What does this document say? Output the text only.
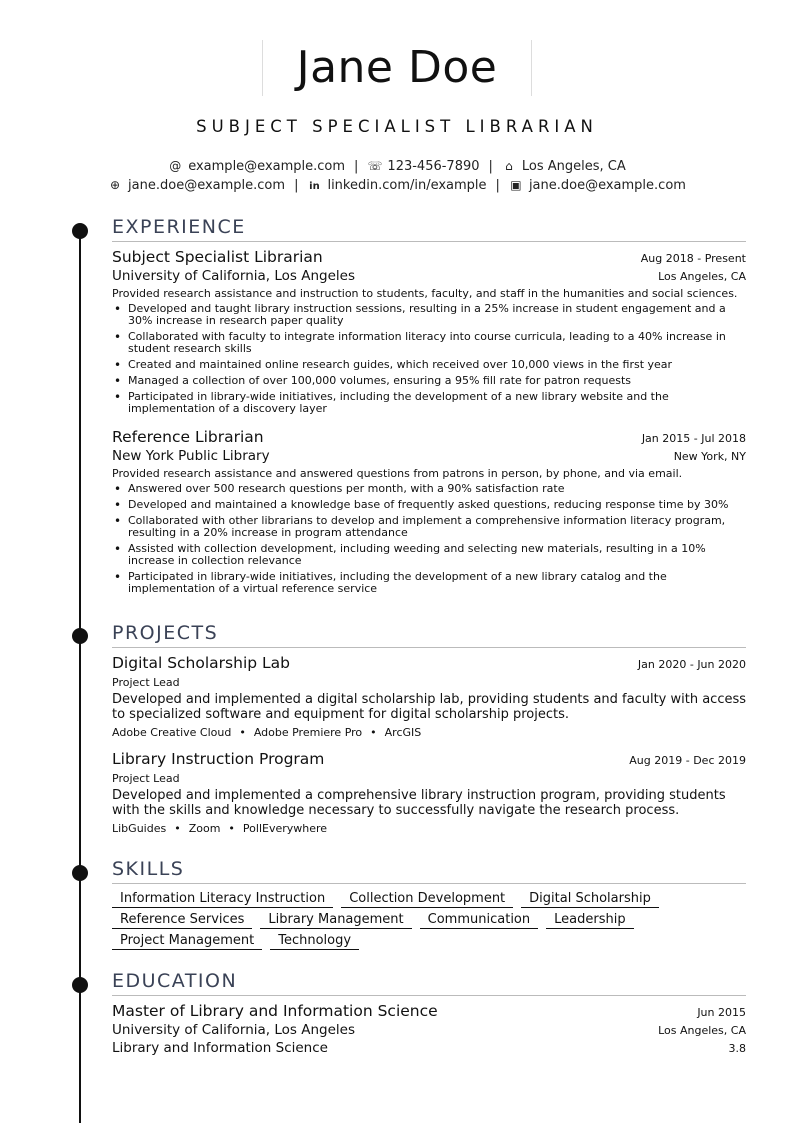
Jane Doe
SUBJECT SPECIALIST LIBRARIAN
@ example@example.com | ☏ 123-456-7890 | ⌂ Los Angeles, CA
⊕ jane.doe@example.com | in linkedin.com/in/example | ▣ jane.doe@example.com
EXPERIENCE
Subject Specialist Librarian	Aug 2018 - Present
University of California, Los Angeles	Los Angeles, CA
Provided research assistance and instruction to students, faculty, and staff in the humanities and social sciences.
• Developed and taught library instruction sessions, resulting in a 25% increase in student engagement and a 30% increase in research paper quality
• Collaborated with faculty to integrate information literacy into course curricula, leading to a 40% increase in student research skills
• Created and maintained online research guides, which received over 10,000 views in the first year
• Managed a collection of over 100,000 volumes, ensuring a 95% fill rate for patron requests
• Participated in library-wide initiatives, including the development of a new library website and the implementation of a discovery layer
Reference Librarian	Jan 2015 - Jul 2018
New York Public Library	New York, NY
Provided research assistance and answered questions from patrons in person, by phone, and via email.
• Answered over 500 research questions per month, with a 90% satisfaction rate
• Developed and maintained a knowledge base of frequently asked questions, reducing response time by 30%
• Collaborated with other librarians to develop and implement a comprehensive information literacy program, resulting in a 20% increase in program attendance
• Assisted with collection development, including weeding and selecting new materials, resulting in a 10% increase in collection relevance
• Participated in library-wide initiatives, including the development of a new library catalog and the implementation of a virtual reference service
PROJECTS
Digital Scholarship Lab	Jan 2020 - Jun 2020
Project Lead
Developed and implemented a digital scholarship lab, providing students and faculty with access to specialized software and equipment for digital scholarship projects.
Adobe Creative Cloud • Adobe Premiere Pro • ArcGIS
Library Instruction Program	Aug 2019 - Dec 2019
Project Lead
Developed and implemented a comprehensive library instruction program, providing students with the skills and knowledge necessary to successfully navigate the research process.
LibGuides • Zoom • PollEverywhere
SKILLS
Information Literacy Instruction	Collection Development	Digital Scholarship
Reference Services	Library Management	Communication	Leadership
Project Management	Technology
EDUCATION
Master of Library and Information Science	Jun 2015
University of California, Los Angeles	Los Angeles, CA
Library and Information Science	3.8
